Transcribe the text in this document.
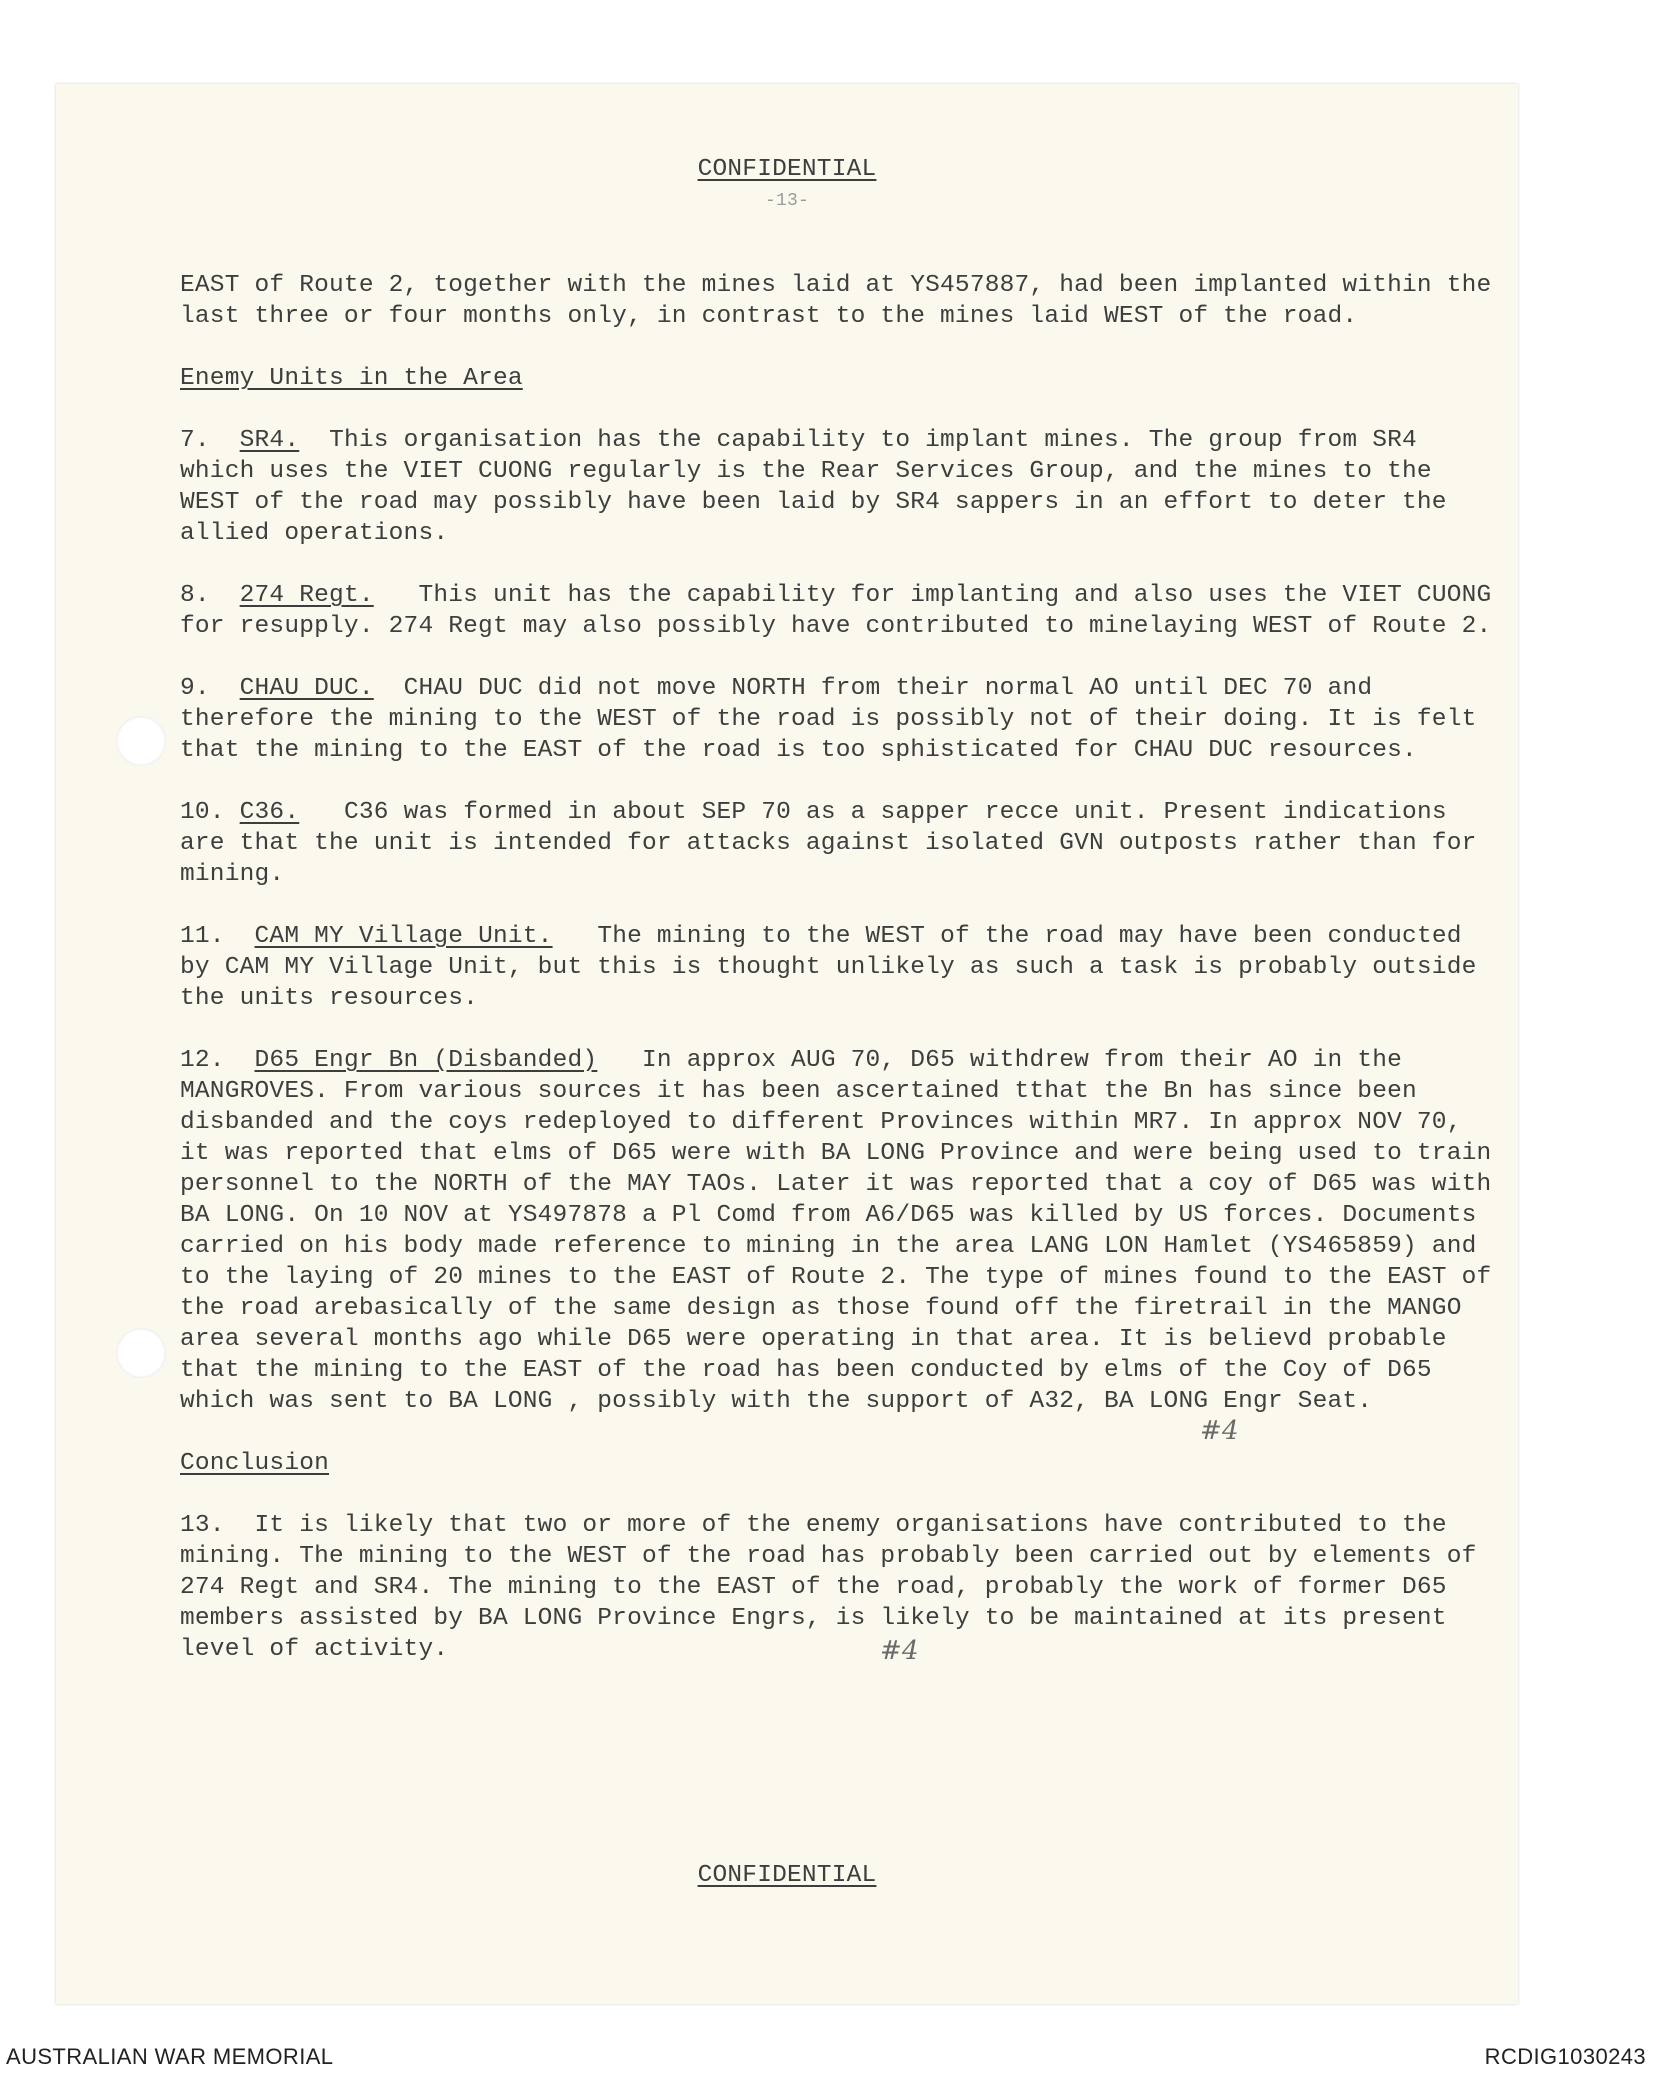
CONFIDENTIAL
-13-

EAST of Route 2, together with the mines laid at YS457887, had been implanted within the last three or four months only, in contrast to the mines laid WEST of the road.

Enemy Units in the Area

7. SR4. This organisation has the capability to implant mines. The group from SR4 which uses the VIET CUONG regularly is the Rear Services Group, and the mines to the WEST of the road may possibly have been laid by SR4 sappers in an effort to deter the allied operations.

8. 274 Regt. This unit has the capability for implanting and also uses the VIET CUONG for resupply. 274 Regt may also possibly have contributed to minelaying WEST of Route 2.

9. CHAU DUC. CHAU DUC did not move NORTH from their normal AO until DEC 70 and therefore the mining to the WEST of the road is possibly not of their doing. It is felt that the mining to the EAST of the road is too sphisticated for CHAU DUC resources.

10. C36. C36 was formed in about SEP 70 as a sapper recce unit. Present indications are that the unit is intended for attacks against isolated GVN outposts rather than for mining.

11. CAM MY Village Unit. The mining to the WEST of the road may have been conducted by CAM MY Village Unit, but this is thought unlikely as such a task is probably outside the units resources.

12. D65 Engr Bn (Disbanded) In approx AUG 70, D65 withdrew from their AO in the MANGROVES. From various sources it has been ascertained tthat the Bn has since been disbanded and the coys redeployed to different Provinces within MR7. In approx NOV 70, it was reported that elms of D65 were with BA LONG Province and were being used to train personnel to the NORTH of the MAY TAOs. Later it was reported that a coy of D65 was with BA LONG. On 10 NOV at YS497878 a Pl Comd from A6/D65 was killed by US forces. Documents carried on his body made reference to mining in the area LANG LON Hamlet (YS465859) and to the laying of 20 mines to the EAST of Route 2. The type of mines found to the EAST of the road arebasically of the same design as those found off the firetrail in the MANGO area several months ago while D65 were operating in that area. It is believd probable that the mining to the EAST of the road has been conducted by elms of the Coy of D65 which was sent to BA LONG , possibly with the support of A32, BA LONG Engr Seat.
#4

Conclusion

13. It is likely that two or more of the enemy organisations have contributed to the mining. The mining to the WEST of the road has probably been carried out by elements of 274 Regt and SR4. The mining to the EAST of the road, probably the work of former D65 members assisted by BA LONG Province Engrs, is likely to be maintained at its present level of activity.	#4

CONFIDENTIAL
AUSTRALIAN WAR MEMORIAL	RCDIG1030243
